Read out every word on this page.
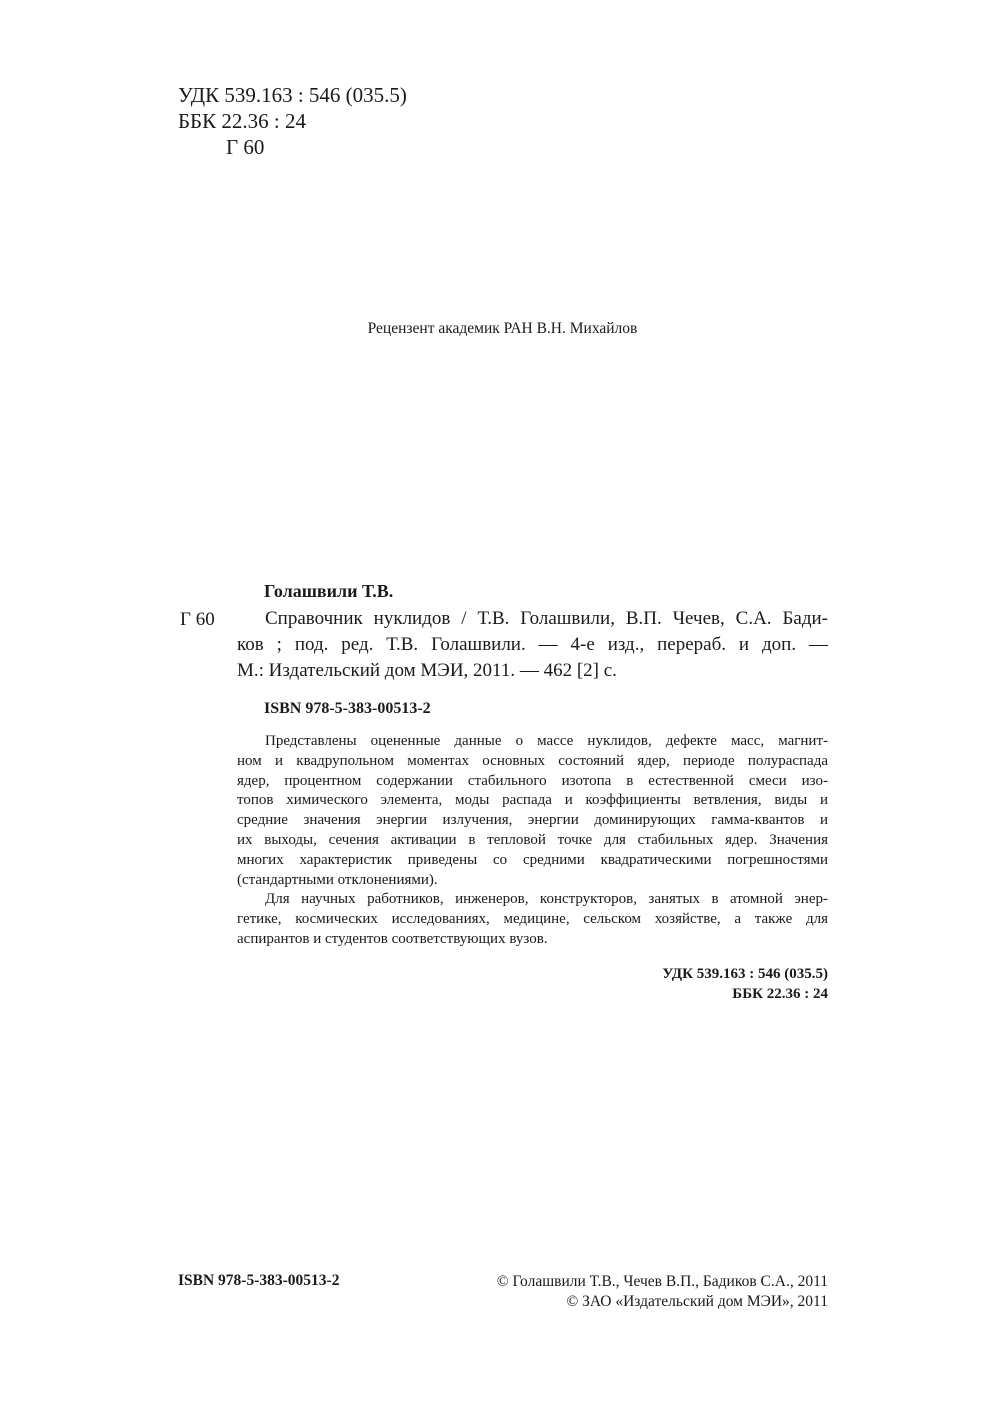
УДК 539.163 : 546 (035.5)
ББК 22.36 : 24
Г 60
Рецензент академик РАН В.Н. Михайлов
Голашвили Т.В.
Г 60	Справочник нуклидов / Т.В. Голашвили, В.П. Чечев, С.А. Бади-
ков ; под. ред. Т.В. Голашвили. — 4-е изд., перераб. и доп. —
М.: Издательский дом МЭИ, 2011. — 462 [2] с.
ISBN 978-5-383-00513-2
Представлены оцененные данные о массе нуклидов, дефекте масс, магнит-
ном и квадрупольном моментах основных состояний ядер, периоде полураспада
ядер, процентном содержании стабильного изотопа в естественной смеси изо-
топов химического элемента, моды распада и коэффициенты ветвления, виды и
средние значения энергии излучения, энергии доминирующих гамма-квантов и
их выходы, сечения активации в тепловой точке для стабильных ядер. Значения
многих характеристик приведены со средними квадратическими погрешностями
(стандартными отклонениями).
Для научных работников, инженеров, конструкторов, занятых в атомной энер-
гетике, космических исследованиях, медицине, сельском хозяйстве, а также для
аспирантов и студентов соответствующих вузов.
УДК 539.163 : 546 (035.5)
ББК 22.36 : 24
ISBN 978-5-383-00513-2	© Голашвили Т.В., Чечев В.П., Бадиков С.А., 2011
© ЗАО «Издательский дом МЭИ», 2011
